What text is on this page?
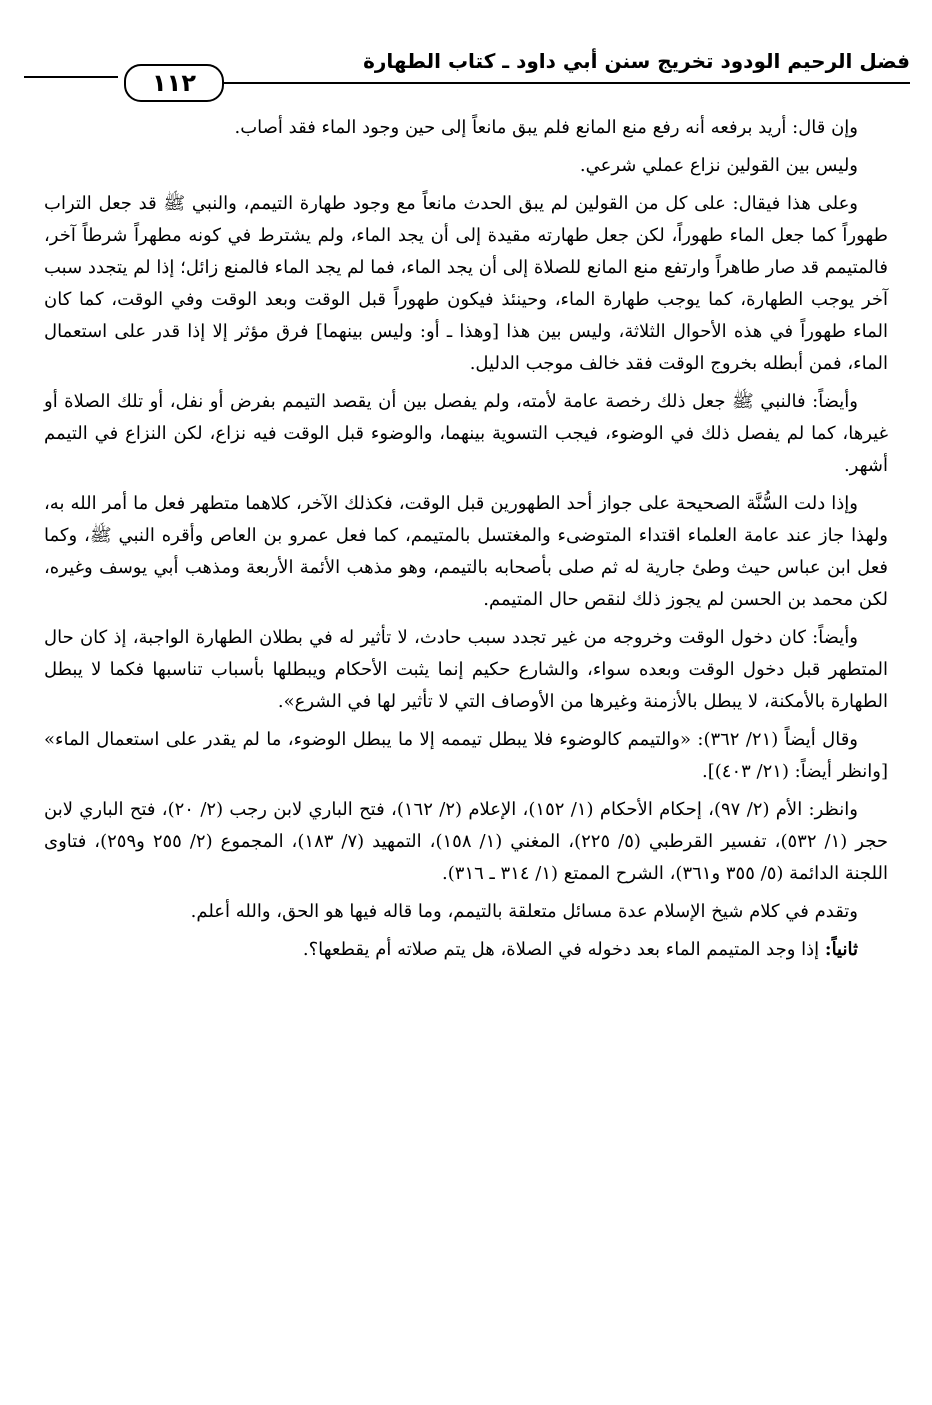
فضل الرحيم الودود تخريج سنن أبي داود ـ كتاب الطهارة
١١٢

وإن قال: أريد برفعه أنه رفع منع المانع فلم يبق مانعاً إلى حين وجود الماء فقد أصاب.

وليس بين القولين نزاع عملي شرعي.

وعلى هذا فيقال: على كل من القولين لم يبق الحدث مانعاً مع وجود طهارة التيمم، والنبي ﷺ قد جعل التراب طهوراً كما جعل الماء طهوراً، لكن جعل طهارته مقيدة إلى أن يجد الماء، ولم يشترط في كونه مطهراً شرطاً آخر، فالمتيمم قد صار طاهراً وارتفع منع المانع للصلاة إلى أن يجد الماء، فما لم يجد الماء فالمنع زائل؛ إذا لم يتجدد سبب آخر يوجب الطهارة، كما يوجب طهارة الماء، وحينئذ فيكون طهوراً قبل الوقت وبعد الوقت وفي الوقت، كما كان الماء طهوراً في هذه الأحوال الثلاثة، وليس بين هذا [وهذا ـ أو: وليس بينهما] فرق مؤثر إلا إذا قدر على استعمال الماء، فمن أبطله بخروج الوقت فقد خالف موجب الدليل.

وأيضاً: فالنبي ﷺ جعل ذلك رخصة عامة لأمته، ولم يفصل بين أن يقصد التيمم بفرض أو نفل، أو تلك الصلاة أو غيرها، كما لم يفصل ذلك في الوضوء، فيجب التسوية بينهما، والوضوء قبل الوقت فيه نزاع، لكن النزاع في التيمم أشهر.

وإذا دلت السُّنَّة الصحيحة على جواز أحد الطهورين قبل الوقت، فكذلك الآخر، كلاهما متطهر فعل ما أمر الله به، ولهذا جاز عند عامة العلماء اقتداء المتوضىء والمغتسل بالمتيمم، كما فعل عمرو بن العاص وأقره النبي ﷺ، وكما فعل ابن عباس حيث وطئ جارية له ثم صلى بأصحابه بالتيمم، وهو مذهب الأئمة الأربعة ومذهب أبي يوسف وغيره، لكن محمد بن الحسن لم يجوز ذلك لنقص حال المتيمم.

وأيضاً: كان دخول الوقت وخروجه من غير تجدد سبب حادث، لا تأثير له في بطلان الطهارة الواجبة، إذ كان حال المتطهر قبل دخول الوقت وبعده سواء، والشارع حكيم إنما يثبت الأحكام ويبطلها بأسباب تناسبها فكما لا يبطل الطهارة بالأمكنة، لا يبطل بالأزمنة وغيرها من الأوصاف التي لا تأثير لها في الشرع».

وقال أيضاً (٢١/ ٣٦٢): «والتيمم كالوضوء فلا يبطل تيممه إلا ما يبطل الوضوء، ما لم يقدر على استعمال الماء» [وانظر أيضاً: (٢١/ ٤٠٣)].

وانظر: الأم (٢/ ٩٧)، إحكام الأحكام (١/ ١٥٢)، الإعلام (٢/ ١٦٢)، فتح الباري لابن رجب (٢/ ٢٠)، فتح الباري لابن حجر (١/ ٥٣٢)، تفسير القرطبي (٥/ ٢٢٥)، المغني (١/ ١٥٨)، التمهيد (٧/ ١٨٣)، المجموع (٢/ ٢٥٥ و٢٥٩)، فتاوى اللجنة الدائمة (٥/ ٣٥٥ و٣٦١)، الشرح الممتع (١/ ٣١٤ ـ ٣١٦).

وتقدم في كلام شيخ الإسلام عدة مسائل متعلقة بالتيمم، وما قاله فيها هو الحق، والله أعلم.

ثانياً: إذا وجد المتيمم الماء بعد دخوله في الصلاة، هل يتم صلاته أم يقطعها؟.
